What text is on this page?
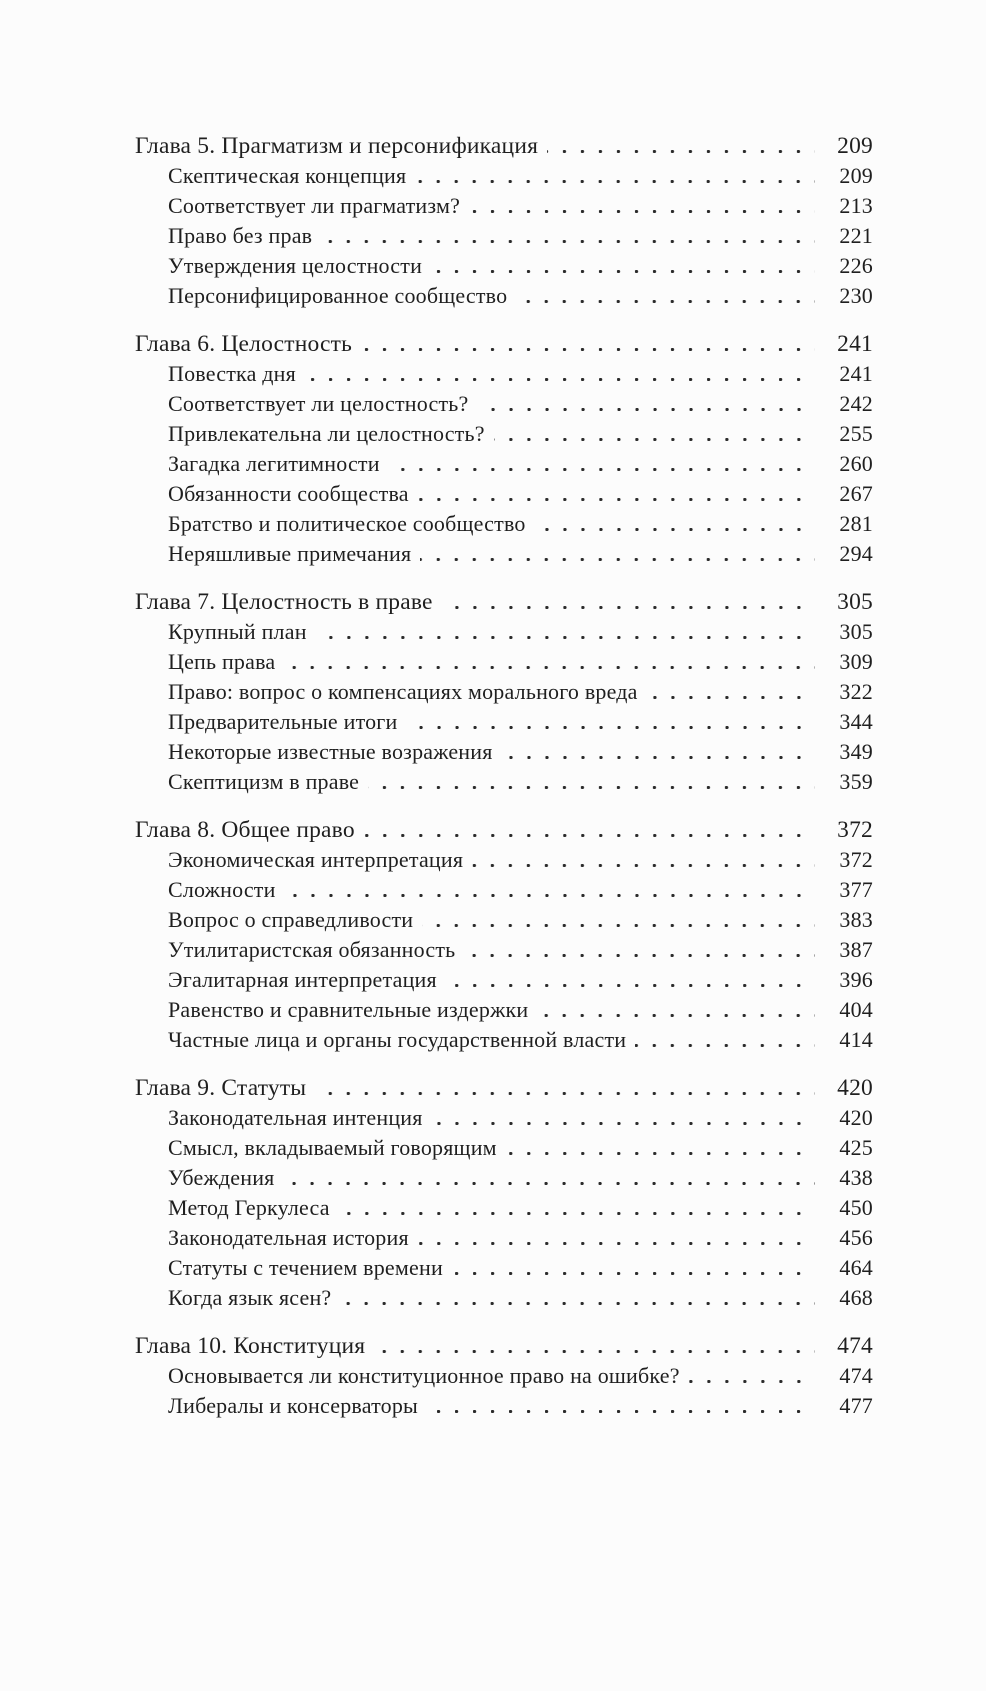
Глава 5. Прагматизм и персонификация	209
Скептическая концепция	209
Соответствует ли прагматизм?	213
Право без прав	221
Утверждения целостности	226
Персонифицированное сообщество	230
Глава 6. Целостность	241
Повестка дня	241
Соответствует ли целостность?	242
Привлекательна ли целостность?	255
Загадка легитимности	260
Обязанности сообщества	267
Братство и политическое сообщество	281
Неряшливые примечания	294
Глава 7. Целостность в праве	305
Крупный план	305
Цепь права	309
Право: вопрос о компенсациях морального вреда	322
Предварительные итоги	344
Некоторые известные возражения	349
Скептицизм в праве	359
Глава 8. Общее право	372
Экономическая интерпретация	372
Сложности	377
Вопрос о справедливости	383
Утилитаристская обязанность	387
Эгалитарная интерпретация	396
Равенство и сравнительные издержки	404
Частные лица и органы государственной власти	414
Глава 9. Статуты	420
Законодательная интенция	420
Смысл, вкладываемый говорящим	425
Убеждения	438
Метод Геркулеса	450
Законодательная история	456
Статуты с течением времени	464
Когда язык ясен?	468
Глава 10. Конституция	474
Основывается ли конституционное право на ошибке?	474
Либералы и консерваторы	477
